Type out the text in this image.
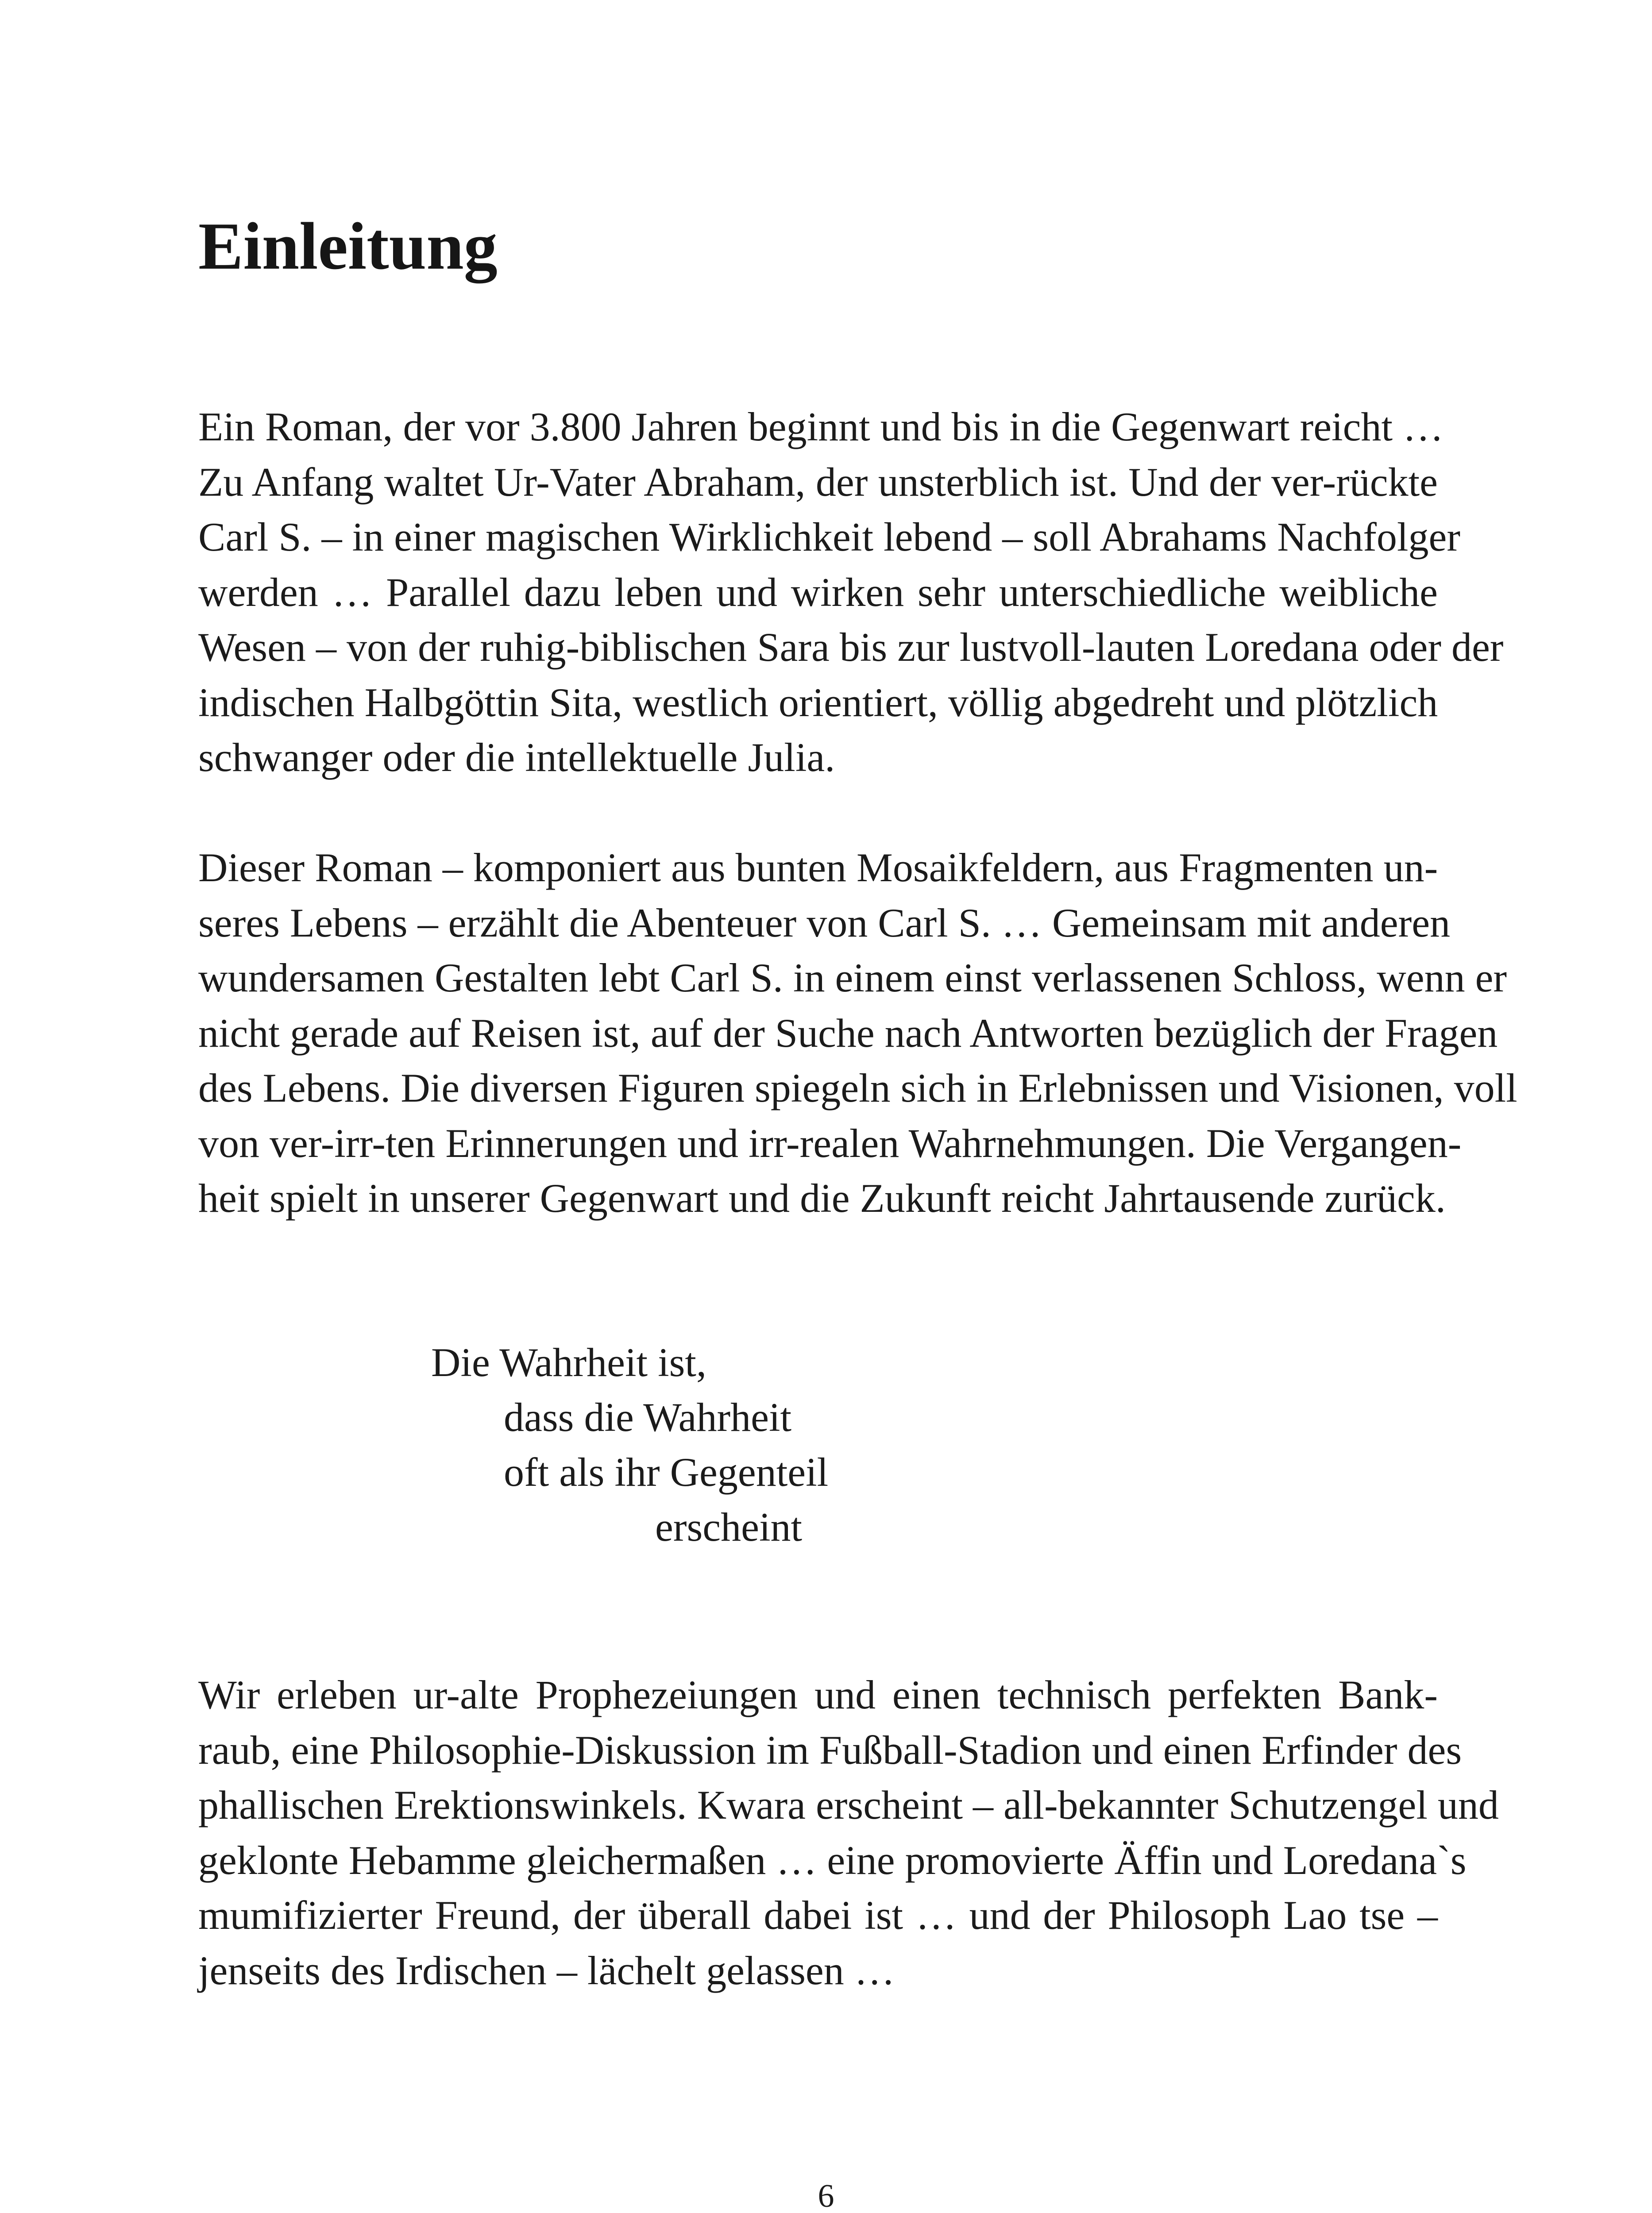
Einleitung
Ein Roman, der vor 3.800 Jahren beginnt und bis in die Gegenwart reicht …
Zu Anfang waltet Ur-Vater Abraham, der unsterblich ist. Und der ver-rückte
Carl S. – in einer magischen Wirklichkeit lebend – soll Abrahams Nachfolger
werden … Parallel dazu leben und wirken sehr unterschiedliche weibliche
Wesen – von der ruhig-biblischen Sara bis zur lustvoll-lauten Loredana oder der
indischen Halbgöttin Sita, westlich orientiert, völlig abgedreht und plötzlich
schwanger oder die intellektuelle Julia.
Dieser Roman – komponiert aus bunten Mosaikfeldern, aus Fragmenten un-
seres Lebens – erzählt die Abenteuer von Carl S. … Gemeinsam mit anderen
wundersamen Gestalten lebt Carl S. in einem einst verlassenen Schloss, wenn er
nicht gerade auf Reisen ist, auf der Suche nach Antworten bezüglich der Fragen
des Lebens. Die diversen Figuren spiegeln sich in Erlebnissen und Visionen, voll
von ver-irr-ten Erinnerungen und irr-realen Wahrnehmungen. Die Vergangen-
heit spielt in unserer Gegenwart und die Zukunft reicht Jahrtausende zurück.
Die Wahrheit ist,
dass die Wahrheit
oft als ihr Gegenteil
erscheint
Wir erleben ur-alte Prophezeiungen und einen technisch perfekten Bank-
raub, eine Philosophie-Diskussion im Fußball-Stadion und einen Erfinder des
phallischen Erektionswinkels. Kwara erscheint – all-bekannter Schutzengel und
geklonte Hebamme gleichermaßen … eine promovierte Äffin und Loredana`s
mumifizierter Freund, der überall dabei ist … und der Philosoph Lao tse –
jenseits des Irdischen – lächelt gelassen …
6
